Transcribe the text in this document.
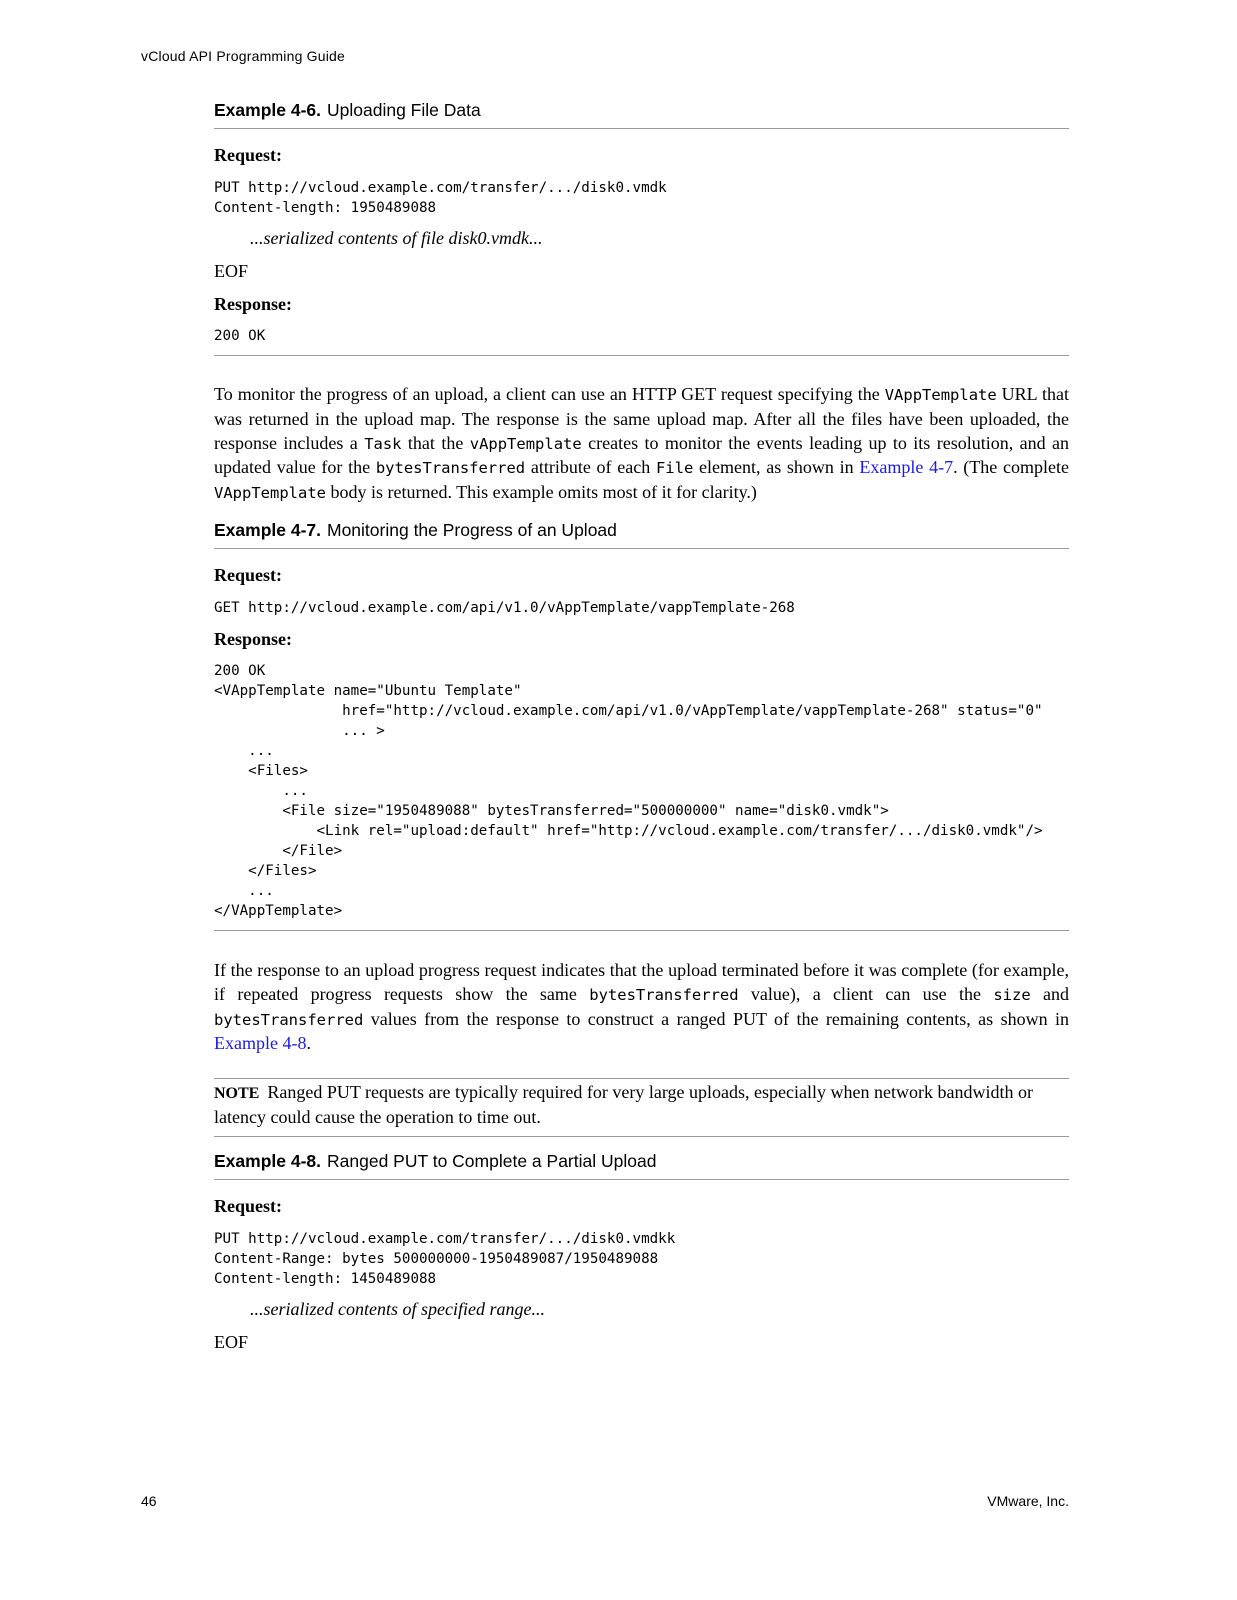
vCloud API Programming Guide
Example 4-6. Uploading File Data
Request:
PUT http://vcloud.example.com/transfer/.../disk0.vmdk
Content-length: 1950489088
...serialized contents of file disk0.vmdk...
EOF
Response:
200 OK

To monitor the progress of an upload, a client can use an HTTP GET request specifying the VAppTemplate URL that was returned in the upload map. The response is the same upload map. After all the files have been uploaded, the response includes a Task that the vAppTemplate creates to monitor the events leading up to its resolution, and an updated value for the bytesTransferred attribute of each File element, as shown in Example 4-7. (The complete VAppTemplate body is returned. This example omits most of it for clarity.)

Example 4-7. Monitoring the Progress of an Upload
Request:
GET http://vcloud.example.com/api/v1.0/vAppTemplate/vappTemplate-268
Response:
200 OK
<VAppTemplate name="Ubuntu Template"
href="http://vcloud.example.com/api/v1.0/vAppTemplate/vappTemplate-268" status="0"
... >
...
<Files>
...
<File size="1950489088" bytesTransferred="500000000" name="disk0.vmdk">
<Link rel="upload:default" href="http://vcloud.example.com/transfer/.../disk0.vmdk"/>
</File>
</Files>
...
</VAppTemplate>

If the response to an upload progress request indicates that the upload terminated before it was complete (for example, if repeated progress requests show the same bytesTransferred value), a client can use the size and bytesTransferred values from the response to construct a ranged PUT of the remaining contents, as shown in Example 4-8.

NOTE Ranged PUT requests are typically required for very large uploads, especially when network bandwidth or latency could cause the operation to time out.

Example 4-8. Ranged PUT to Complete a Partial Upload
Request:
PUT http://vcloud.example.com/transfer/.../disk0.vmdkk
Content-Range: bytes 500000000-1950489087/1950489088
Content-length: 1450489088
...serialized contents of specified range...
EOF
46	VMware, Inc.
